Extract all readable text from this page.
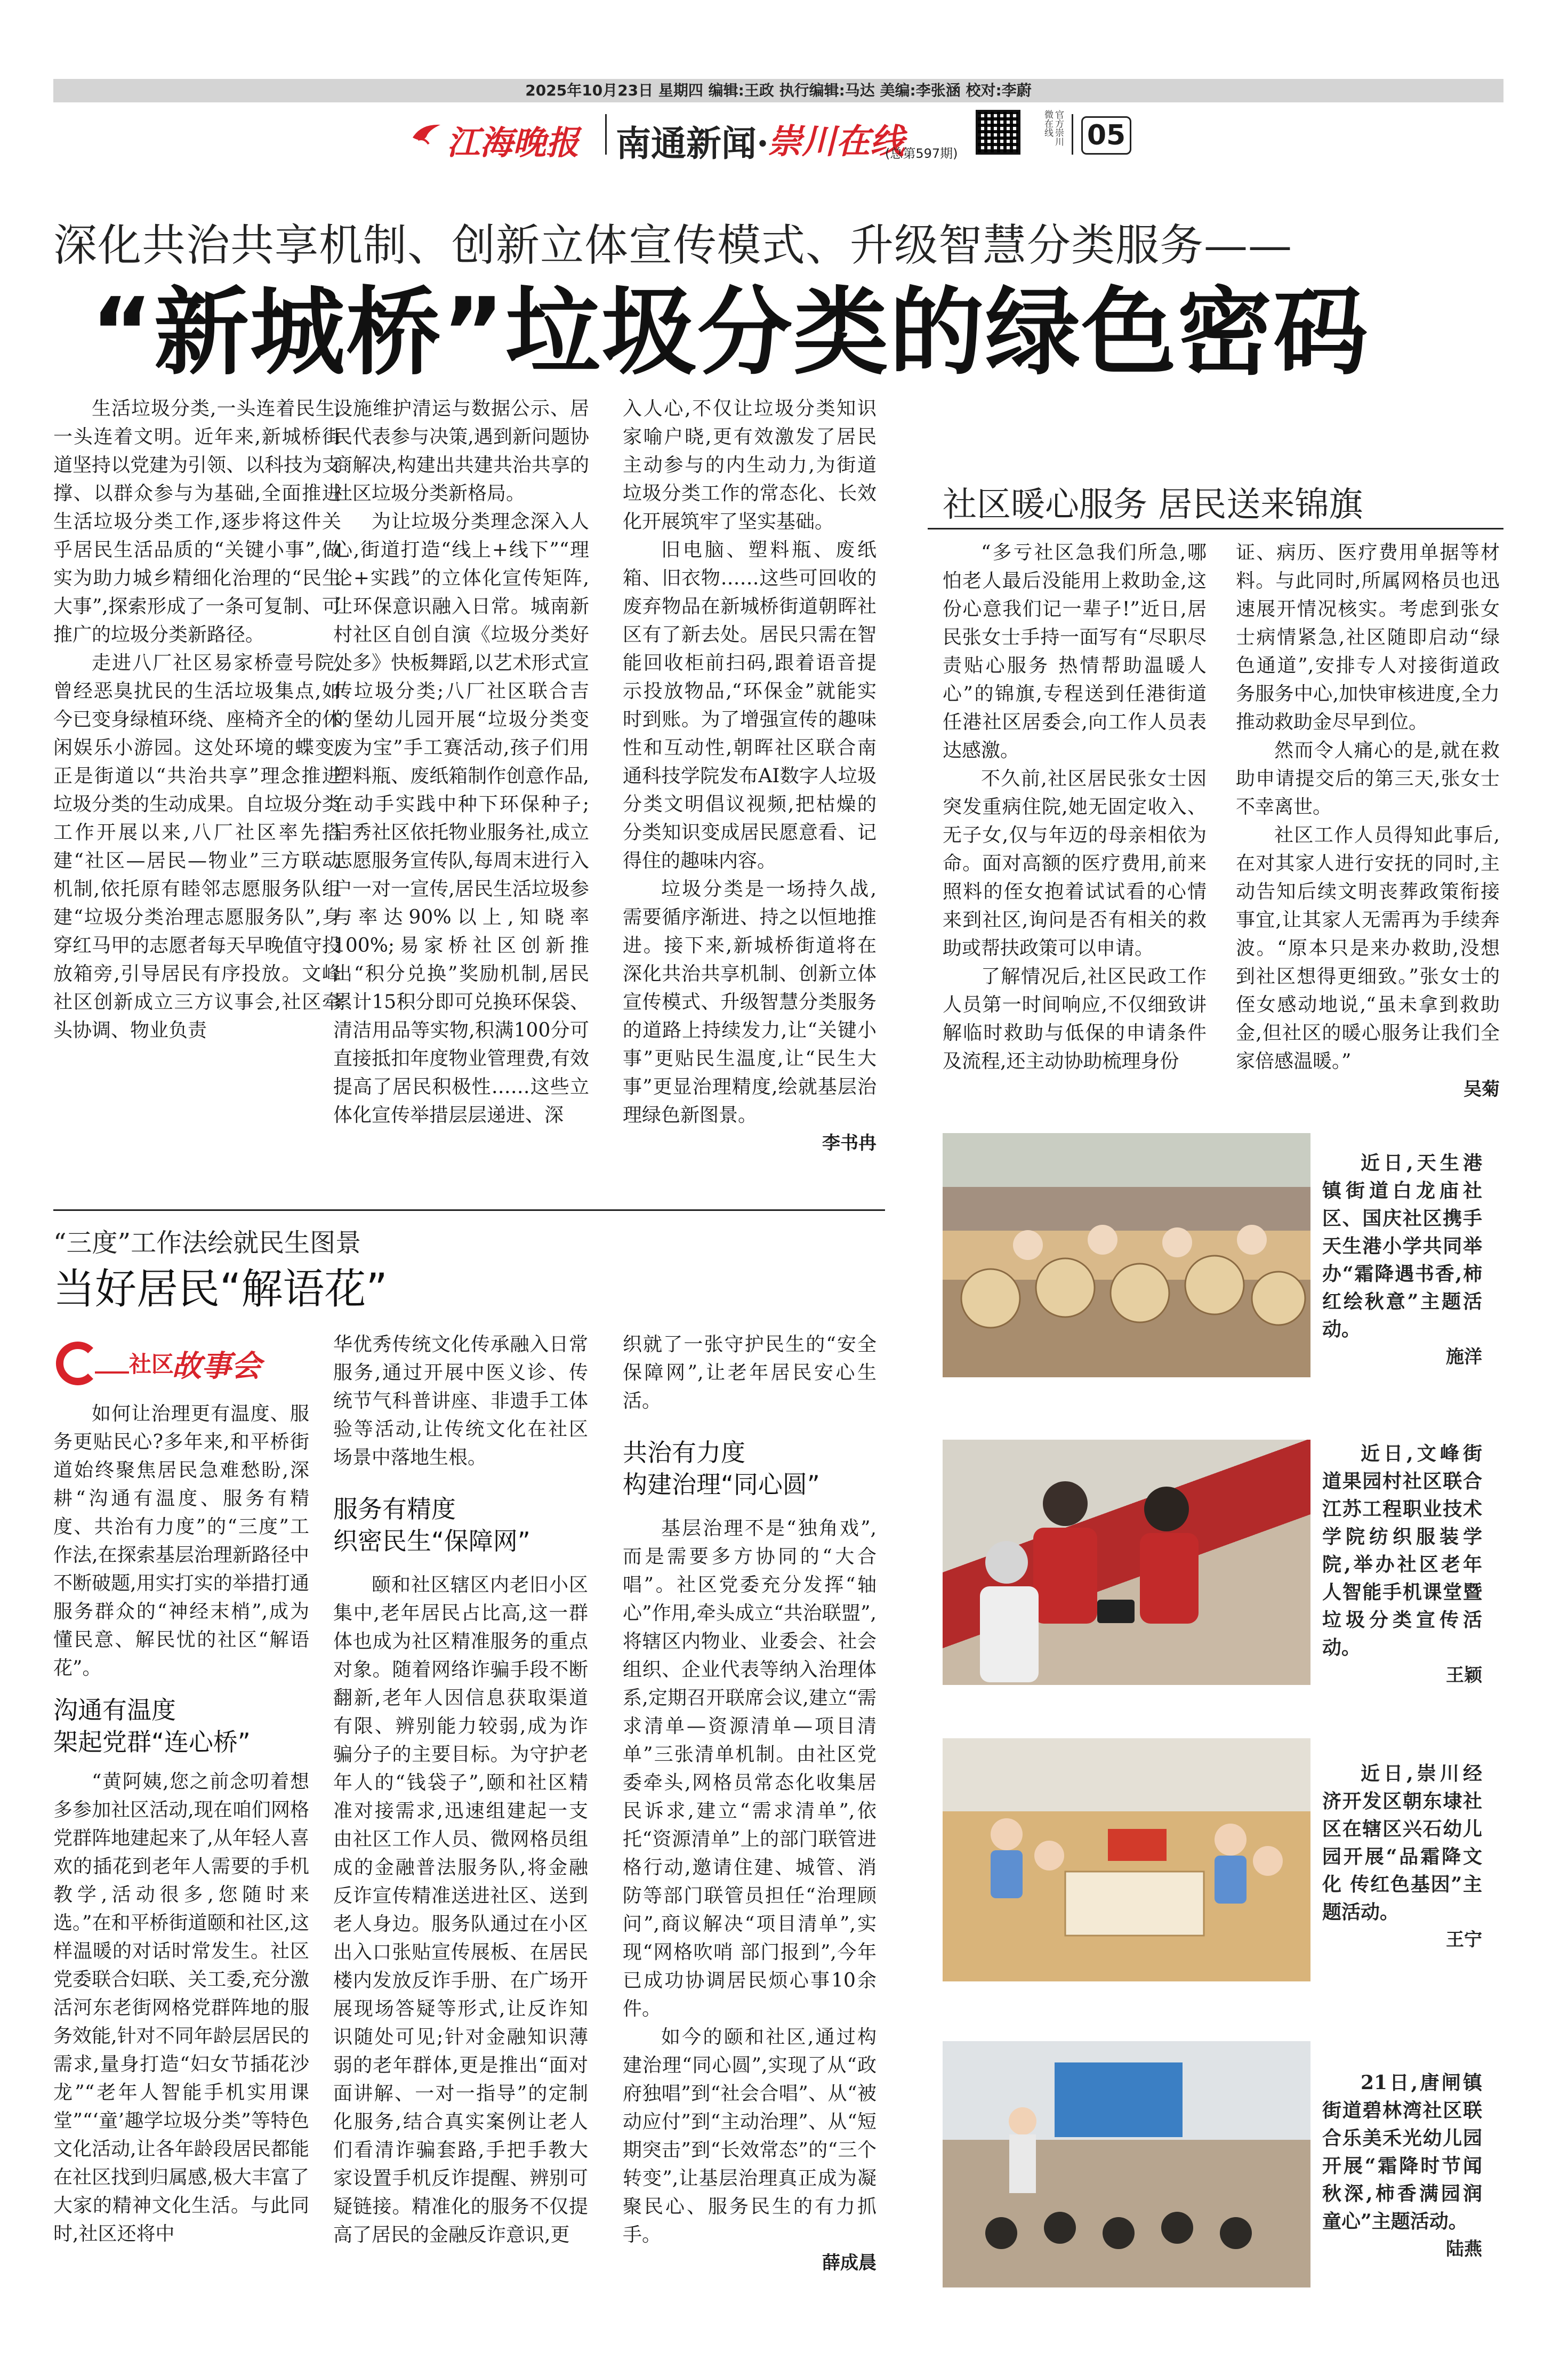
2025年10月23日 星期四 编辑:王政 执行编辑:马达 美编:李张涵 校对:李蔚
江海晚报 南通新闻·
崇川在线
(总第597期)
官方崇川微在线	05
深化共治共享机制、创新立体宣传模式、升级智慧分类服务——
“新城桥”垃圾分类的绿色密码

生活垃圾分类,一头连着民生,一头连着文明。近年来,新城桥街道坚持以党建为引领、以科技为支撑、以群众参与为基础,全面推进生活垃圾分类工作,逐步将这件关乎居民生活品质的“关键小事”,做实为助力城乡精细化治理的“民生大事”,探索形成了一条可复制、可推广的垃圾分类新路径。

走进八厂社区易家桥壹号院,曾经恶臭扰民的生活垃圾集点,如今已变身绿植环绕、座椅齐全的休闲娱乐小游园。这处环境的蝶变,正是街道以“共治共享”理念推进垃圾分类的生动成果。自垃圾分类工作开展以来,八厂社区率先搭建“社区—居民—物业”三方联动机制,依托原有睦邻志愿服务队组建“垃圾分类治理志愿服务队”,身穿红马甲的志愿者每天早晚值守投放箱旁,引导居民有序投放。文峰社区创新成立三方议事会,社区牵头协调、物业负责

设施维护清运与数据公示、居民代表参与决策,遇到新问题协商解决,构建出共建共治共享的社区垃圾分类新格局。

为让垃圾分类理念深入人心,街道打造“线上+线下”“理论+实践”的立体化宣传矩阵,让环保意识融入日常。城南新村社区自创自演《垃圾分类好处多》快板舞蹈,以艺术形式宣传垃圾分类;八厂社区联合吉的堡幼儿园开展“垃圾分类变废为宝”手工赛活动,孩子们用塑料瓶、废纸箱制作创意作品,在动手实践中种下环保种子;启秀社区依托物业服务社,成立志愿服务宣传队,每周末进行入户一对一宣传,居民生活垃圾参与率达90%以上,知晓率100%;易家桥社区创新推出“积分兑换”奖励机制,居民累计15积分即可兑换环保袋、清洁用品等实物,积满100分可直接抵扣年度物业管理费,有效提高了居民积极性……这些立体化宣传举措层层递进、深

入人心,不仅让垃圾分类知识家喻户晓,更有效激发了居民主动参与的内生动力,为街道垃圾分类工作的常态化、长效化开展筑牢了坚实基础。

旧电脑、塑料瓶、废纸箱、旧衣物……这些可回收的废弃物品在新城桥街道朝晖社区有了新去处。居民只需在智能回收柜前扫码,跟着语音提示投放物品,“环保金”就能实时到账。为了增强宣传的趣味性和互动性,朝晖社区联合南通科技学院发布AI数字人垃圾分类文明倡议视频,把枯燥的分类知识变成居民愿意看、记得住的趣味内容。

垃圾分类是一场持久战,需要循序渐进、持之以恒地推进。接下来,新城桥街道将在深化共治共享机制、创新立体宣传模式、升级智慧分类服务的道路上持续发力,让“关键小事”更贴民生温度,让“民生大事”更显治理精度,绘就基层治理绿色新图景。

李书冉
社区暖心服务 居民送来锦旗

“多亏社区急我们所急,哪怕老人最后没能用上救助金,这份心意我们记一辈子!”近日,居民张女士手持一面写有“尽职尽责贴心服务 热情帮助温暖人心”的锦旗,专程送到任港街道任港社区居委会,向工作人员表达感激。

不久前,社区居民张女士因突发重病住院,她无固定收入、无子女,仅与年迈的母亲相依为命。面对高额的医疗费用,前来照料的侄女抱着试试看的心情来到社区,询问是否有相关的救助或帮扶政策可以申请。

了解情况后,社区民政工作人员第一时间响应,不仅细致讲解临时救助与低保的申请条件及流程,还主动协助梳理身份

证、病历、医疗费用单据等材料。与此同时,所属网格员也迅速展开情况核实。考虑到张女士病情紧急,社区随即启动“绿色通道”,安排专人对接街道政务服务中心,加快审核进度,全力推动救助金尽早到位。

然而令人痛心的是,就在救助申请提交后的第三天,张女士不幸离世。

社区工作人员得知此事后,在对其家人进行安抚的同时,主动告知后续文明丧葬政策衔接事宜,让其家人无需再为手续奔波。“原本只是来办救助,没想到社区想得更细致。”张女士的侄女感动地说,“虽未拿到救助金,但社区的暖心服务让我们全家倍感温暖。”

吴菊
“三度”工作法绘就民生图景
当好居民“解语花”
社区
故事会

如何让治理更有温度、服务更贴民心?多年来,和平桥街道始终聚焦居民急难愁盼,深耕“沟通有温度、服务有精度、共治有力度”的“三度”工作法,在探索基层治理新路径中不断破题,用实打实的举措打通服务群众的“神经末梢”,成为懂民意、解民忧的社区“解语花”。

沟通有温度
架起党群“连心桥”

“黄阿姨,您之前念叨着想多参加社区活动,现在咱们网格党群阵地建起来了,从年轻人喜欢的插花到老年人需要的手机教学,活动很多,您随时来选。”在和平桥街道颐和社区,这样温暖的对话时常发生。社区党委联合妇联、关工委,充分激活河东老街网格党群阵地的服务效能,针对不同年龄层居民的需求,量身打造“妇女节插花沙龙”“老年人智能手机实用课堂”“‘童’趣学垃圾分类”等特色文化活动,让各年龄段居民都能在社区找到归属感,极大丰富了大家的精神文化生活。与此同时,社区还将中

华优秀传统文化传承融入日常服务,通过开展中医义诊、传统节气科普讲座、非遗手工体验等活动,让传统文化在社区场景中落地生根。

服务有精度
织密民生“保障网”

颐和社区辖区内老旧小区集中,老年居民占比高,这一群体也成为社区精准服务的重点对象。随着网络诈骗手段不断翻新,老年人因信息获取渠道有限、辨别能力较弱,成为诈骗分子的主要目标。为守护老年人的“钱袋子”,颐和社区精准对接需求,迅速组建起一支由社区工作人员、微网格员组成的金融普法服务队,将金融反诈宣传精准送进社区、送到老人身边。服务队通过在小区出入口张贴宣传展板、在居民楼内发放反诈手册、在广场开展现场答疑等形式,让反诈知识随处可见;针对金融知识薄弱的老年群体,更是推出“面对面讲解、一对一指导”的定制化服务,结合真实案例让老人们看清诈骗套路,手把手教大家设置手机反诈提醒、辨别可疑链接。精准化的服务不仅提高了居民的金融反诈意识,更

织就了一张守护民生的“安全保障网”,让老年居民安心生活。

共治有力度
构建治理“同心圆”

基层治理不是“独角戏”,而是需要多方协同的“大合唱”。社区党委充分发挥“轴心”作用,牵头成立“共治联盟”,将辖区内物业、业委会、社会组织、企业代表等纳入治理体系,定期召开联席会议,建立“需求清单—资源清单—项目清单”三张清单机制。由社区党委牵头,网格员常态化收集居民诉求,建立“需求清单”,依托“资源清单”上的部门联管进格行动,邀请住建、城管、消防等部门联管员担任“治理顾问”,商议解决“项目清单”,实现“网格吹哨 部门报到”,今年已成功协调居民烦心事10余件。

如今的颐和社区,通过构建治理“同心圆”,实现了从“政府独唱”到“社会合唱”、从“被动应付”到“主动治理”、从“短期突击”到“长效常态”的“三个转变”,让基层治理真正成为凝聚民心、服务民生的有力抓手。

薛成晨

近日,天生港镇街道白龙庙社区、国庆社区携手天生港小学共同举办“霜降遇书香,柿红绘秋意”主题活动。

施洋

近日,文峰街道果园村社区联合江苏工程职业技术学院纺织服装学院,举办社区老年人智能手机课堂暨垃圾分类宣传活动。

王颖

近日,崇川经济开发区朝东埭社区在辖区兴石幼儿园开展“品霜降文化 传红色基因”主题活动。

王宁

21日,唐闸镇街道碧林湾社区联合乐美禾光幼儿园开展“霜降时节闻秋深,柿香满园润童心”主题活动。

陆燕
